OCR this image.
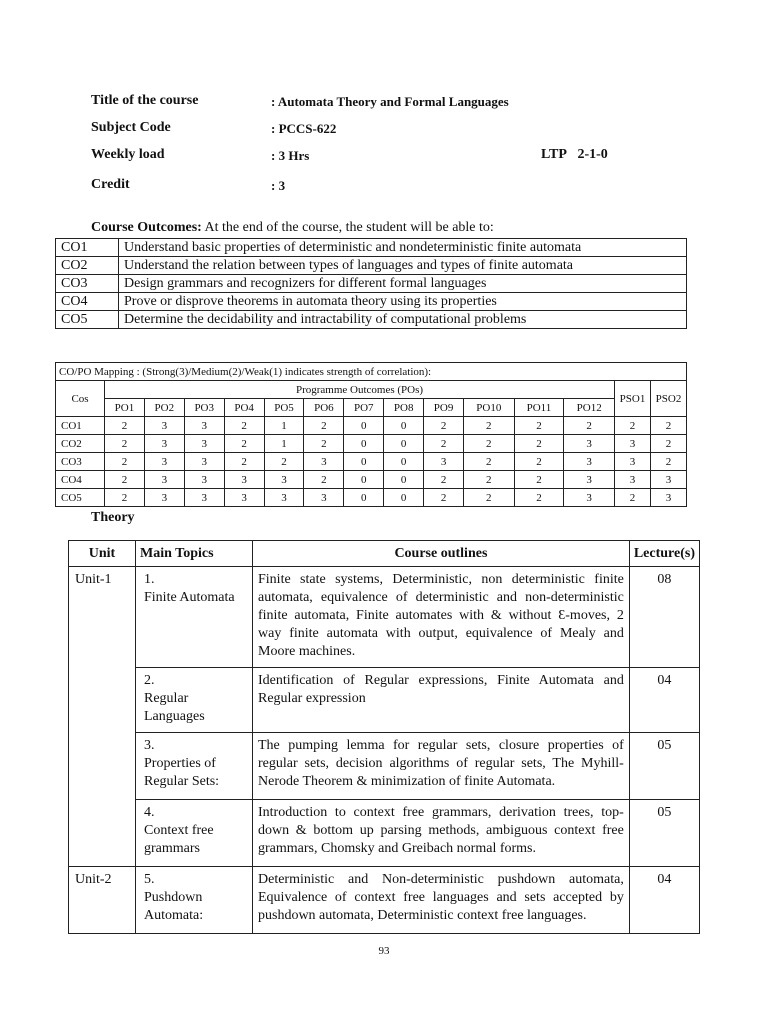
Title of the course	: Automata Theory and Formal Languages
Subject Code	: PCCS-622
Weekly load	: 3 Hrs	LTP 2-1-0
Credit	: 3
Course Outcomes: At the end of the course, the student will be able to:
CO1	Understand basic properties of deterministic and nondeterministic finite automata
CO2	Understand the relation between types of languages and types of finite automata
CO3	Design grammars and recognizers for different formal languages
CO4	Prove or disprove theorems in automata theory using its properties
CO5	Determine the decidability and intractability of computational problems
CO/PO Mapping : (Strong(3)/Medium(2)/Weak(1) indicates strength of correlation):														
Cos	Programme Outcomes (POs)												PSO1	PSO2
	PO1	PO2	PO3	PO4	PO5	PO6	PO7	PO8	PO9	PO10	PO11	PO12		
CO1	2	3	3	2	1	2	0	0	2	2	2	2	2	2
CO2	2	3	3	2	1	2	0	0	2	2	2	3	3	2
CO3	2	3	3	2	2	3	0	0	3	2	2	3	3	2
CO4	2	3	3	3	3	2	0	0	2	2	2	3	3	3
CO5	2	3	3	3	3	3	0	0	2	2	2	3	2	3
Theory
Unit	Main Topics	Course outlines	Lecture(s)
Unit-1	1.Finite Automata	Finite state systems, Deterministic, non deterministic finite automata, equivalence of deterministic and non-deterministic finite automata, Finite automates with & without Ɛ-moves, 2 way finite automata with output, equivalence of Mealy and Moore machines.	08
	2.Regular Languages	Identification of Regular expressions, Finite Automata and Regular expression	04
	3.Properties of Regular Sets:	The pumping lemma for regular sets, closure properties of regular sets, decision algorithms of regular sets, The Myhill-Nerode Theorem & minimization of finite Automata.	05
	4.Context free grammars	Introduction to context free grammars, derivation trees, top-down & bottom up parsing methods, ambiguous context free grammars, Chomsky and Greibach normal forms.	05
Unit-2	5.Pushdown Automata:	Deterministic and Non-deterministic pushdown automata, Equivalence of context free languages and sets accepted by pushdown automata, Deterministic context free languages.	04
93
